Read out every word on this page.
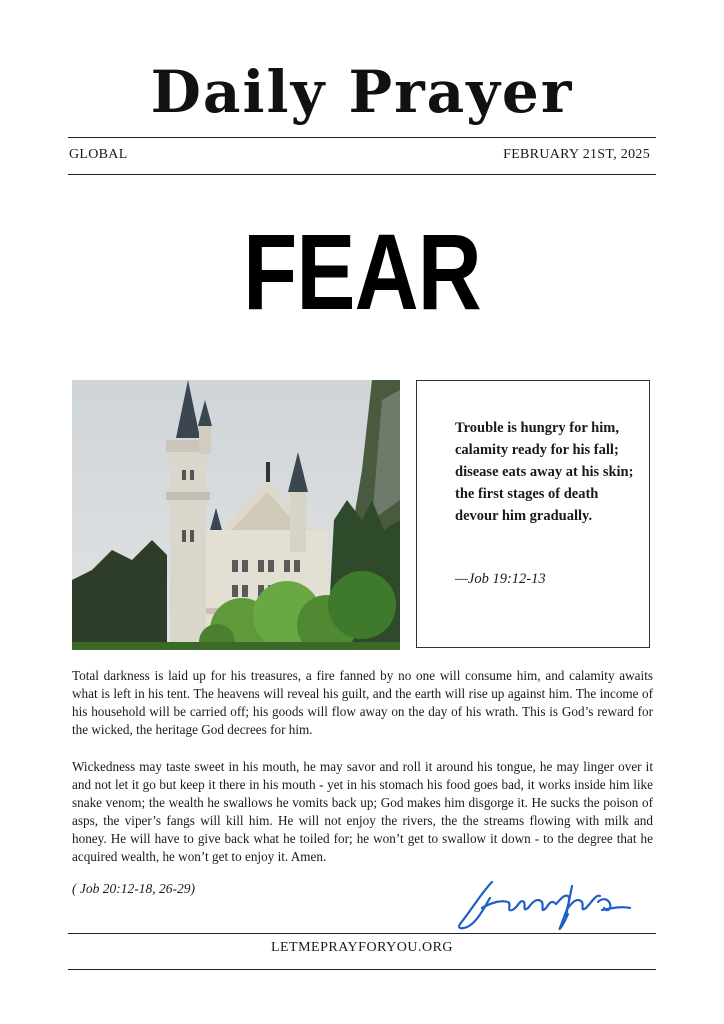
Daily Prayer
GLOBAL	FEBRUARY 21ST, 2025
FEAR
Trouble is hungry for him, calamity ready for his fall; disease eats away at his skin; the first stages of death devour him gradually.
—Job 19:12-13
Total darkness is laid up for his treasures, a fire fanned by no one will consume him, and calamity awaits what is left in his tent. The heavens will reveal his guilt, and the earth will rise up against him. The income of his household will be carried off; his goods will flow away on the day of his wrath. This is God’s reward for the wicked, the heritage God decrees for him.
Wickedness may taste sweet in his mouth, he may savor and roll it around his tongue, he may linger over it and not let it go but keep it there in his mouth - yet in his stomach his food goes bad, it works inside him like snake venom; the wealth he swallows he vomits back up; God makes him disgorge it. He sucks the poison of asps, the viper’s fangs will kill him. He will not enjoy the rivers, the the streams flowing with milk and honey. He will have to give back what he toiled for; he won’t get to swallow it down - to the degree that he acquired wealth, he won’t get to enjoy it. Amen.
( Job 20:12-18, 26-29)
LETMEPRAYFORYOU.ORG
